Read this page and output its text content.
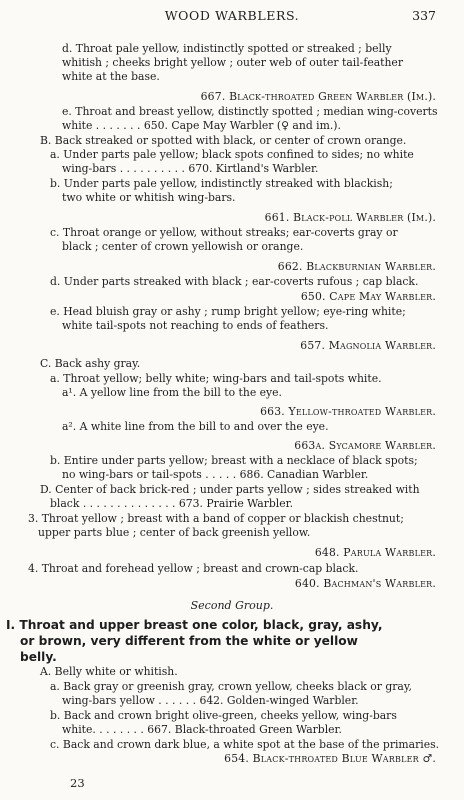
WOOD WARBLERS.	337
d. Throat pale yellow, indistinctly spotted or streaked ; belly
whitish ; cheeks bright yellow ; outer web of outer tail-feather
white at the base.
667. Black-throated Green Warbler (Im.).
e. Throat and breast yellow, distinctly spotted ; median wing-coverts
white . . . . . . . 650. Cape May Warbler (♀ and im.).
B. Back streaked or spotted with black, or center of crown orange.
a. Under parts pale yellow; black spots confined to sides; no white
wing-bars . . . . . . . . . . 670. Kirtland's Warbler.
b. Under parts pale yellow, indistinctly streaked with blackish;
two white or whitish wing-bars.
661. Black-poll Warbler (Im.).
c. Throat orange or yellow, without streaks; ear-coverts gray or
black ; center of crown yellowish or orange.
662. Blackburnian Warbler.
d. Under parts streaked with black ; ear-coverts rufous ; cap black.
650. Cape May Warbler.
e. Head bluish gray or ashy ; rump bright yellow; eye-ring white;
white tail-spots not reaching to ends of feathers.
657. Magnolia Warbler.
C. Back ashy gray.
a. Throat yellow; belly white; wing-bars and tail-spots white.
a¹. A yellow line from the bill to the eye.
663. Yellow-throated Warbler.
a². A white line from the bill to and over the eye.
663a. Sycamore Warbler.
b. Entire under parts yellow; breast with a necklace of black spots;
no wing-bars or tail-spots . . . . . 686. Canadian Warbler.
D. Center of back brick-red ; under parts yellow ; sides streaked with
black . . . . . . . . . . . . . . 673. Prairie Warbler.
3. Throat yellow ; breast with a band of copper or blackish chestnut;
upper parts blue ; center of back greenish yellow.
648. Parula Warbler.
4. Throat and forehead yellow ; breast and crown-cap black.
640. Bachman's Warbler.
A. Belly white or whitish.
a. Back gray or greenish gray, crown yellow, cheeks black or gray,
wing-bars yellow . . . . . . 642. Golden-winged Warbler.
b. Back and crown bright olive-green, cheeks yellow, wing-bars
white. . . . . . . . 667. Black-throated Green Warbler.
c. Back and crown dark blue, a white spot at the base of the primaries.
654. Black-throated Blue Warbler ♂.
Second Group.
I. Throat and upper breast one color, black, gray, ashy,
or brown, very different from the white or yellow
belly.
23
